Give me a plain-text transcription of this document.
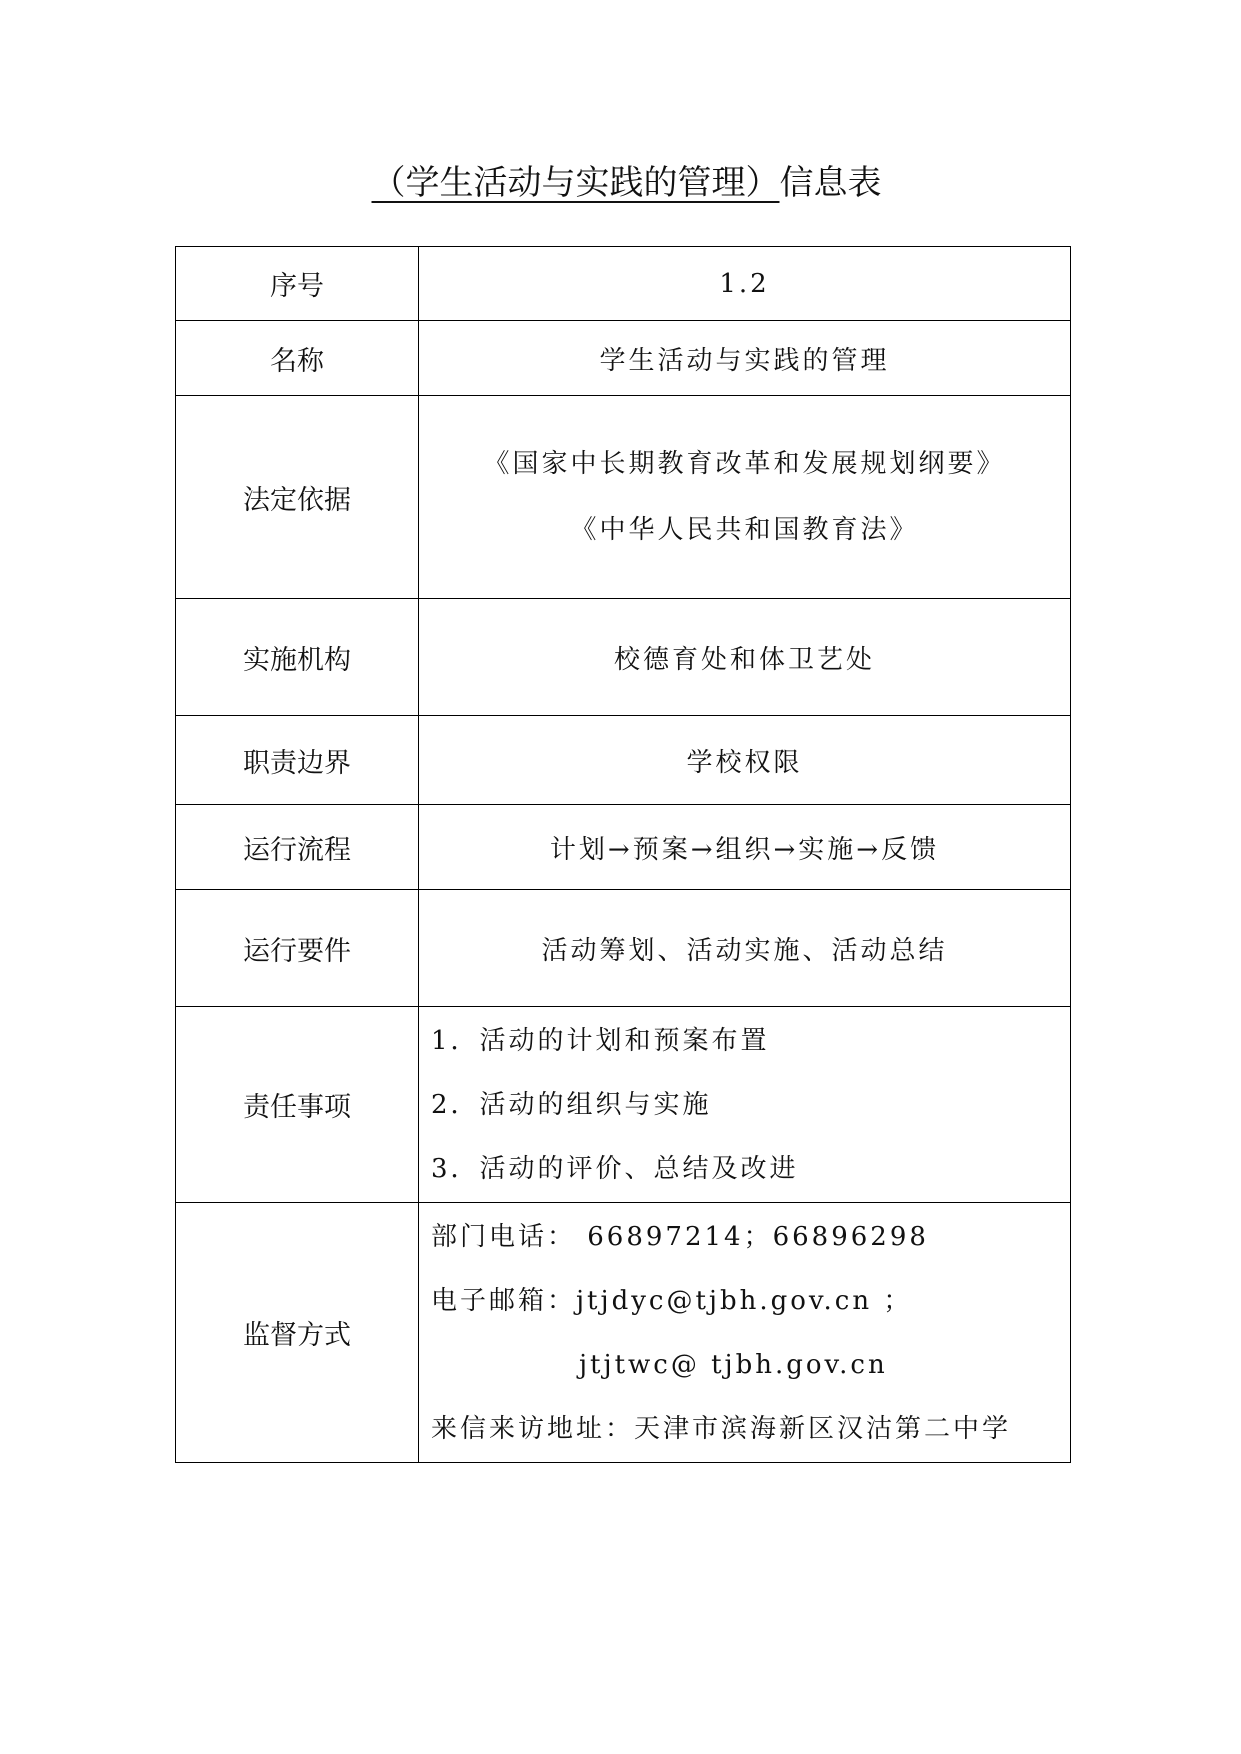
（学生活动与实践的管理）信息表
序号	1.2
名称	学生活动与实践的管理
法定依据	《国家中长期教育改革和发展规划纲要》
《中华人民共和国教育法》

实施机构	校德育处和体卫艺处
职责边界	学校权限
运行流程	计划→预案→组织→实施→反馈
运行要件	活动筹划、活动实施、活动总结
责任事项	1．活动的计划和预案布置
2．活动的组织与实施
3．活动的评价、总结及改进

监督方式	部门电话： 66897214；66896298
电子邮箱：jtjdyc@tjbh.gov.cn ；
jtjtwc@ tjbh.gov.cn
来信来访地址：天津市滨海新区汉沽第二中学
